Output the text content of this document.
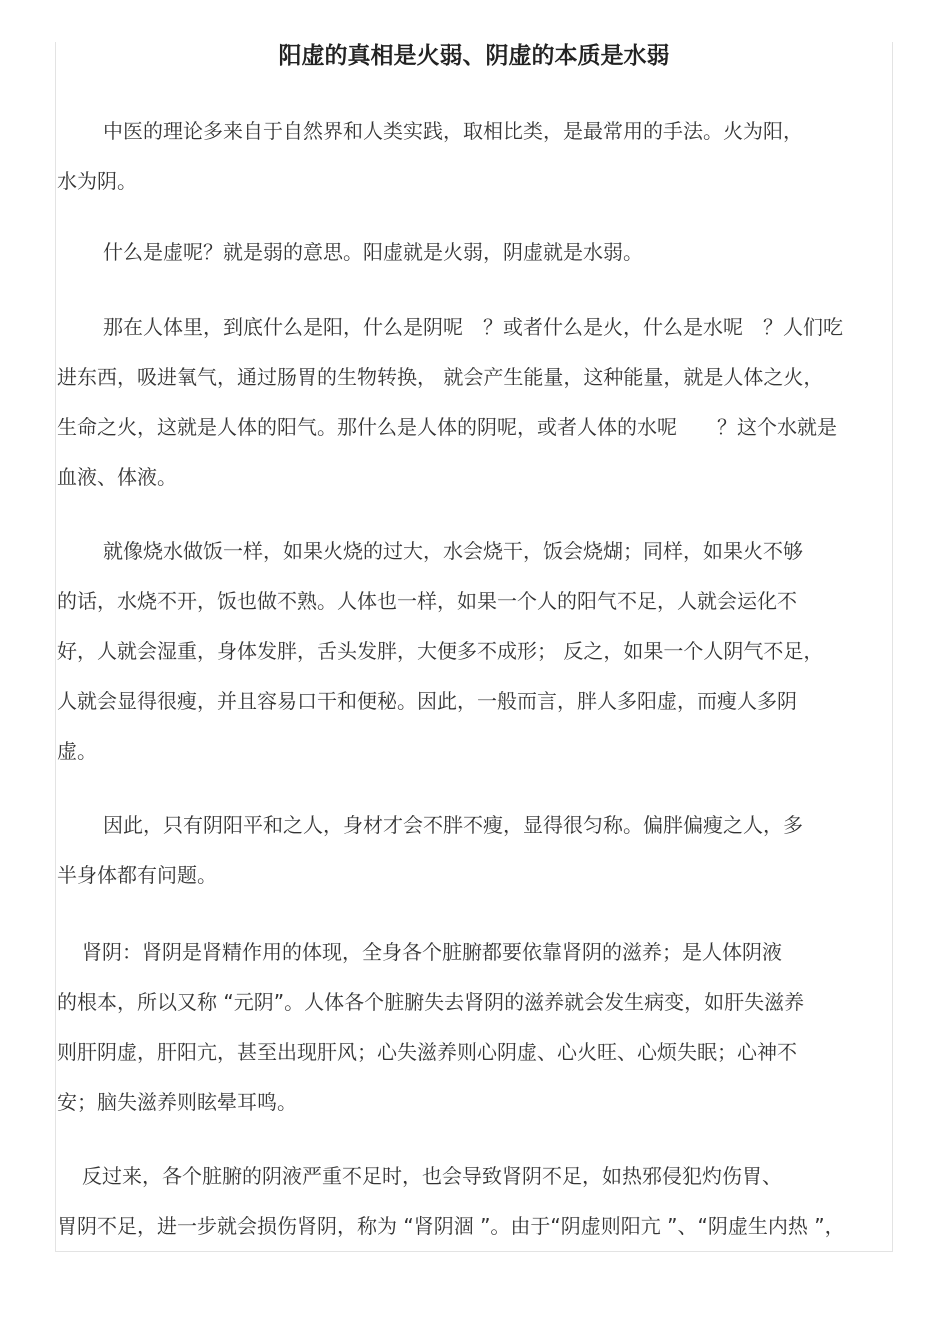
阳虚的真相是火弱、阴虚的本质是水弱

中医的理论多来自于自然界和人类实践，取相比类，是最常用的手法。火为阳，
水为阴。

什么是虚呢？就是弱的意思。阳虚就是火弱，阴虚就是水弱。

那在人体里，到底什么是阳，什么是阴呢　？或者什么是火，什么是水呢　？人们吃
进东西，吸进氧气，通过肠胃的生物转换， 就会产生能量，这种能量，就是人体之火，
生命之火，这就是人体的阳气。那什么是人体的阴呢，或者人体的水呢　　？这个水就是
血液、体液。

就像烧水做饭一样，如果火烧的过大，水会烧干，饭会烧煳；同样，如果火不够
的话，水烧不开，饭也做不熟。人体也一样，如果一个人的阳气不足，人就会运化不
好，人就会湿重，身体发胖，舌头发胖，大便多不成形； 反之，如果一个人阴气不足，
人就会显得很瘦，并且容易口干和便秘。因此，一般而言，胖人多阳虚，而瘦人多阴
虚。

因此，只有阴阳平和之人，身材才会不胖不瘦，显得很匀称。偏胖偏瘦之人，多
半身体都有问题。

肾阴：肾阴是肾精作用的体现，全身各个脏腑都要依靠肾阴的滋养；是人体阴液
的根本，所以又称 “元阴”。人体各个脏腑失去肾阴的滋养就会发生病变，如肝失滋养
则肝阴虚，肝阳亢，甚至出现肝风；心失滋养则心阴虚、心火旺、心烦失眠；心神不
安；脑失滋养则眩晕耳鸣。

反过来，各个脏腑的阴液严重不足时，也会导致肾阴不足，如热邪侵犯灼伤胃、
胃阴不足，进一步就会损伤肾阴，称为 “肾阴涸 ”。由于“阴虚则阳亢 ”、“阴虚生内热 ”，
